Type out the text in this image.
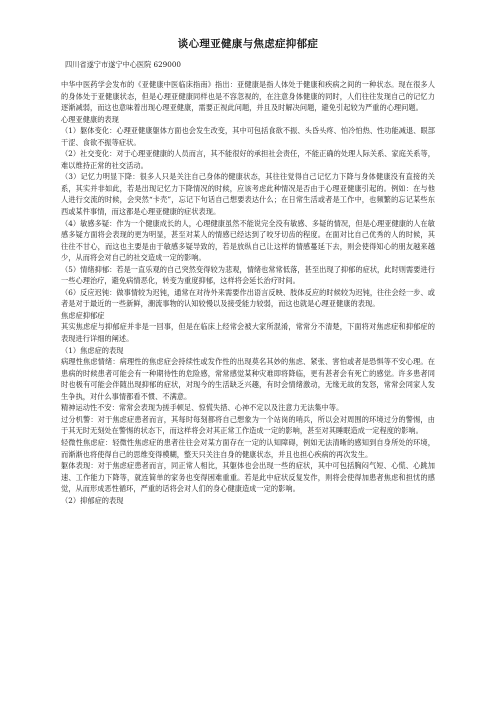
谈心理亚健康与焦虑症抑郁症
四川省遂宁市遂宁中心医院 629000

中华中医药学会发布的《亚健康中医临床指南》指出：亚健康是指人体处于健康和疾病之间的一种状态。现在很多人的身体处于亚健康状态，但是心理亚健康同样也是不容忽视的，在注意身体健康的同时，人们往往发现自己的记忆力逐渐减弱，而这也意味着出现心理亚健康，需要正视此问题，并且及时解决问题，避免引起较为严重的心理问题。

心理亚健康的表现

（1）躯体变化：心理亚健康躯体方面也会发生改变，其中可包括食欲不振、头昏头疼、怕冷怕热、性功能减退、眼部干涩、食欲不振等症状。

（2）社交变化：对于心理亚健康的人员而言，其不能很好的承担社会责任，不能正确的处理人际关系、家庭关系等，难以维持正常的社交活动。

（3）记忆力明显下降：很多人只是关注自己身体的健康状态，其往往觉得自己记忆力下降与身体健康没有直接的关系，其实并非如此，若是出现记忆力下降情况的时候，应该考虑此种情况是否由于心理亚健康引起的。例如：在与他人进行交流的时候，会突然“卡壳”，忘记下句话自己想要表达什么；在日常生活或者是工作中，也频繁的忘记某些东西或某件事情，而这都是心理亚健康的症状表现。

（4）敏感多疑：作为一个健康成长的人，心理健康虽然不能说完全没有敏感、多疑的情况，但是心理亚健康的人在敏感多疑方面将会表现的更为明显，甚至对某人的情感已经达到了咬牙切齿的程度。在面对比自己优秀的人的时候，其往往不甘心，而这也主要是由于敏感多疑导致的，若是放纵自己让这样的情感蔓延下去，则会使得知心的朋友越来越少，从而将会对自己的社交造成一定的影响。

（5）情绪抑郁：若是一直乐观的自己突然变得较为悲观，情绪也常常低落，甚至出现了抑郁的症状，此时则需要进行一些心理治疗，避免病情恶化，转变为重度抑郁，这样将会延长治疗时间。

（6）反应迟钝：做事情较为迟钝，通常在对待外来需要作出语言反映、肢体反应的时候较为迟钝，往往会经一步、或者是对于最近的一些新鲜，潮流事物的认知较慢以及接受能力较弱，而这也就是心理亚健康的表现。

焦虑症抑郁症

其实焦虑症与抑郁症并非是一回事，但是在临床上经常会被大家所混淆，常常分不清楚，下面将对焦虑症和抑郁症的表现进行详细的阐述。

（1）焦虑症的表现

病理性焦虑情绪：病理性的焦虑症会持续性或发作性的出现莫名其妙的焦虑、紧张、害怕或者是恐惧等不安心理。在患病的时候患者可能会有一种期待性的危险感，常常感觉某种灾难即将降临，更有甚者会有死亡的感觉。许多患者同时也极有可能会伴随出现抑郁的症状，对现今的生活缺乏兴趣，有时会情绪激动，无缘无故的发怒，常常会同家人发生争执，对什么事情都看不惯、不满意。

精神运动性不安：常常会表现为搓手顿足、惊慌失措、心神不定以及注意力无法集中等。

过分机警：对于焦虑症患者而言，其每时每刻都将自己想象为一个站岗的哨兵，所以会对周围的环境过分的警惕，由于其无时无刻处在警惕的状态下，而这样将会对其正常工作造成一定的影响，甚至对其睡眠造成一定程度的影响。

轻微性焦虑症：轻微性焦虑症的患者往往会对某方面存在一定的认知障碍，例如无法清晰的感知到自身所处的环境，而渐渐也将使得自己的思维变得模糊，整天只关注自身的健康状态，并且也担心疾病的再次发生。

躯体表现：对于焦虑症患者而言，同正常人相比，其躯体也会出现一些的症状，其中可包括胸闷气短、心慌、心跳加速、工作能力下降等，就连简单的家务也变得困难重重。若是此中症状反复发作，则将会使得加患者焦虑和担忧的感觉，从而形成恶性循环，严重的话将会对人们的身心健康造成一定的影响。

（2）抑郁症的表现
